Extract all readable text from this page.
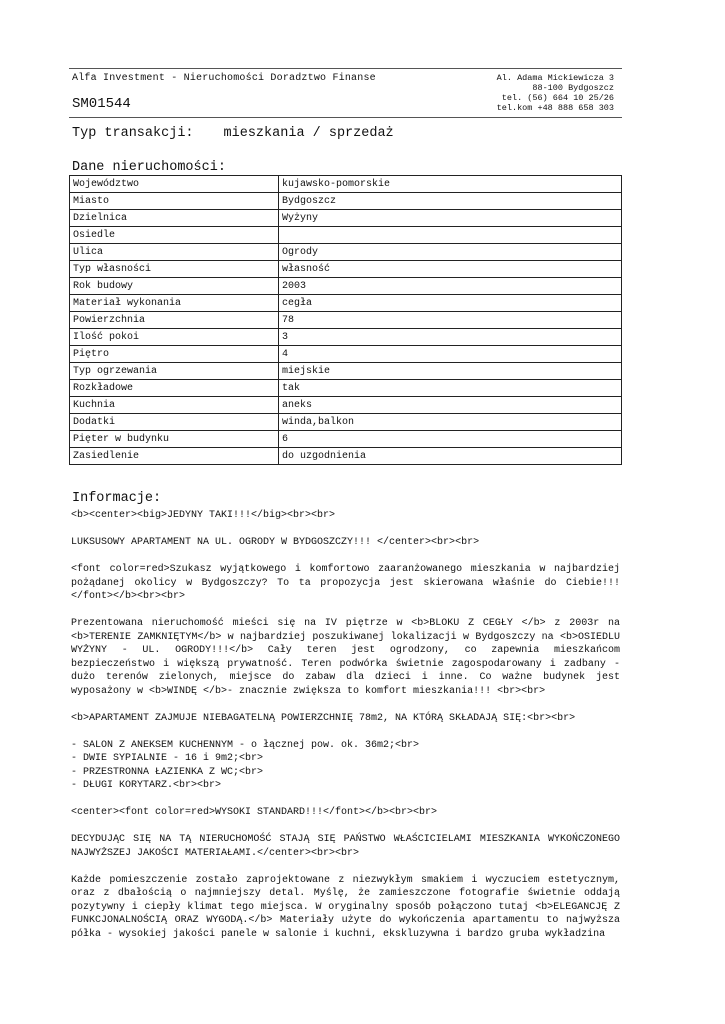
Alfa Investment - Nieruchomości Doradztwo Finanse
SM01544
Al. Adama Mickiewicza 3
88-100 Bydgoszcz
tel. (56) 664 10 25/26
tel.kom +48 888 658 303
Typ transakcji: mieszkania / sprzedaż
Dane nieruchomości:
Województwo	kujawsko-pomorskie
Miasto	Bydgoszcz
Dzielnica	Wyżyny
Osiedle	
Ulica	Ogrody
Typ własności	własność
Rok budowy	2003
Materiał wykonania	cegła
Powierzchnia	78
Ilość pokoi	3
Piętro	4
Typ ogrzewania	miejskie
Rozkładowe	tak
Kuchnia	aneks
Dodatki	winda,balkon
Pięter w budynku	6
Zasiedlenie	do uzgodnienia
Informacje:

<b><center><big>JEDYNY TAKI!!!</big><br><br>

LUKSUSOWY APARTAMENT NA UL. OGRODY W BYDGOSZCZY!!! </center><br><br>

<font color=red>Szukasz wyjątkowego i komfortowo zaaranżowanego mieszkania w najbardziej pożądanej okolicy w Bydgoszczy? To ta propozycja jest skierowana właśnie do Ciebie!!!</font></b><br><br>

Prezentowana nieruchomość mieści się na IV piętrze w <b>BLOKU Z CEGŁY </b> z 2003r na <b>TERENIE ZAMKNIĘTYM</b> w najbardziej poszukiwanej lokalizacji w Bydgoszczy na <b>OSIEDLU WYŻYNY - UL. OGRODY!!!</b> Cały teren jest ogrodzony, co zapewnia mieszkańcom bezpieczeństwo i większą prywatność. Teren podwórka świetnie zagospodarowany i zadbany - dużo terenów zielonych, miejsce do zabaw dla dzieci i inne. Co ważne budynek jest wyposażony w <b>WINDĘ </b>- znacznie zwiększa to komfort mieszkania!!! <br><br>

<b>APARTAMENT ZAJMUJE NIEBAGATELNĄ POWIERZCHNIĘ 78m2, NA KTÓRĄ SKŁADAJĄ SIĘ:<br><br>

- SALON Z ANEKSEM KUCHENNYM - o łącznej pow. ok. 36m2;<br>
- DWIE SYPIALNIE - 16 i 9m2;<br>
- PRZESTRONNA ŁAZIENKA Z WC;<br>
- DŁUGI KORYTARZ.<br><br>

<center><font color=red>WYSOKI STANDARD!!!</font></b><br><br>

DECYDUJĄC SIĘ NA TĄ NIERUCHOMOŚĆ STAJĄ SIĘ PAŃSTWO WŁAŚCICIELAMI MIESZKANIA WYKOŃCZONEGO NAJWYŻSZEJ JAKOŚCI MATERIAŁAMI.</center><br><br>

Każde pomieszczenie zostało zaprojektowane z niezwykłym smakiem i wyczuciem estetycznym, oraz z dbałością o najmniejszy detal. Myślę, że zamieszczone fotografie świetnie oddają pozytywny i ciepły klimat tego miejsca. W oryginalny sposób połączono tutaj <b>ELEGANCJĘ Z FUNKCJONALNOŚCIĄ ORAZ WYGODĄ.</b> Materiały użyte do wykończenia apartamentu to najwyższa półka - wysokiej jakości panele w salonie i kuchni, ekskluzywna i bardzo gruba wykładzina
